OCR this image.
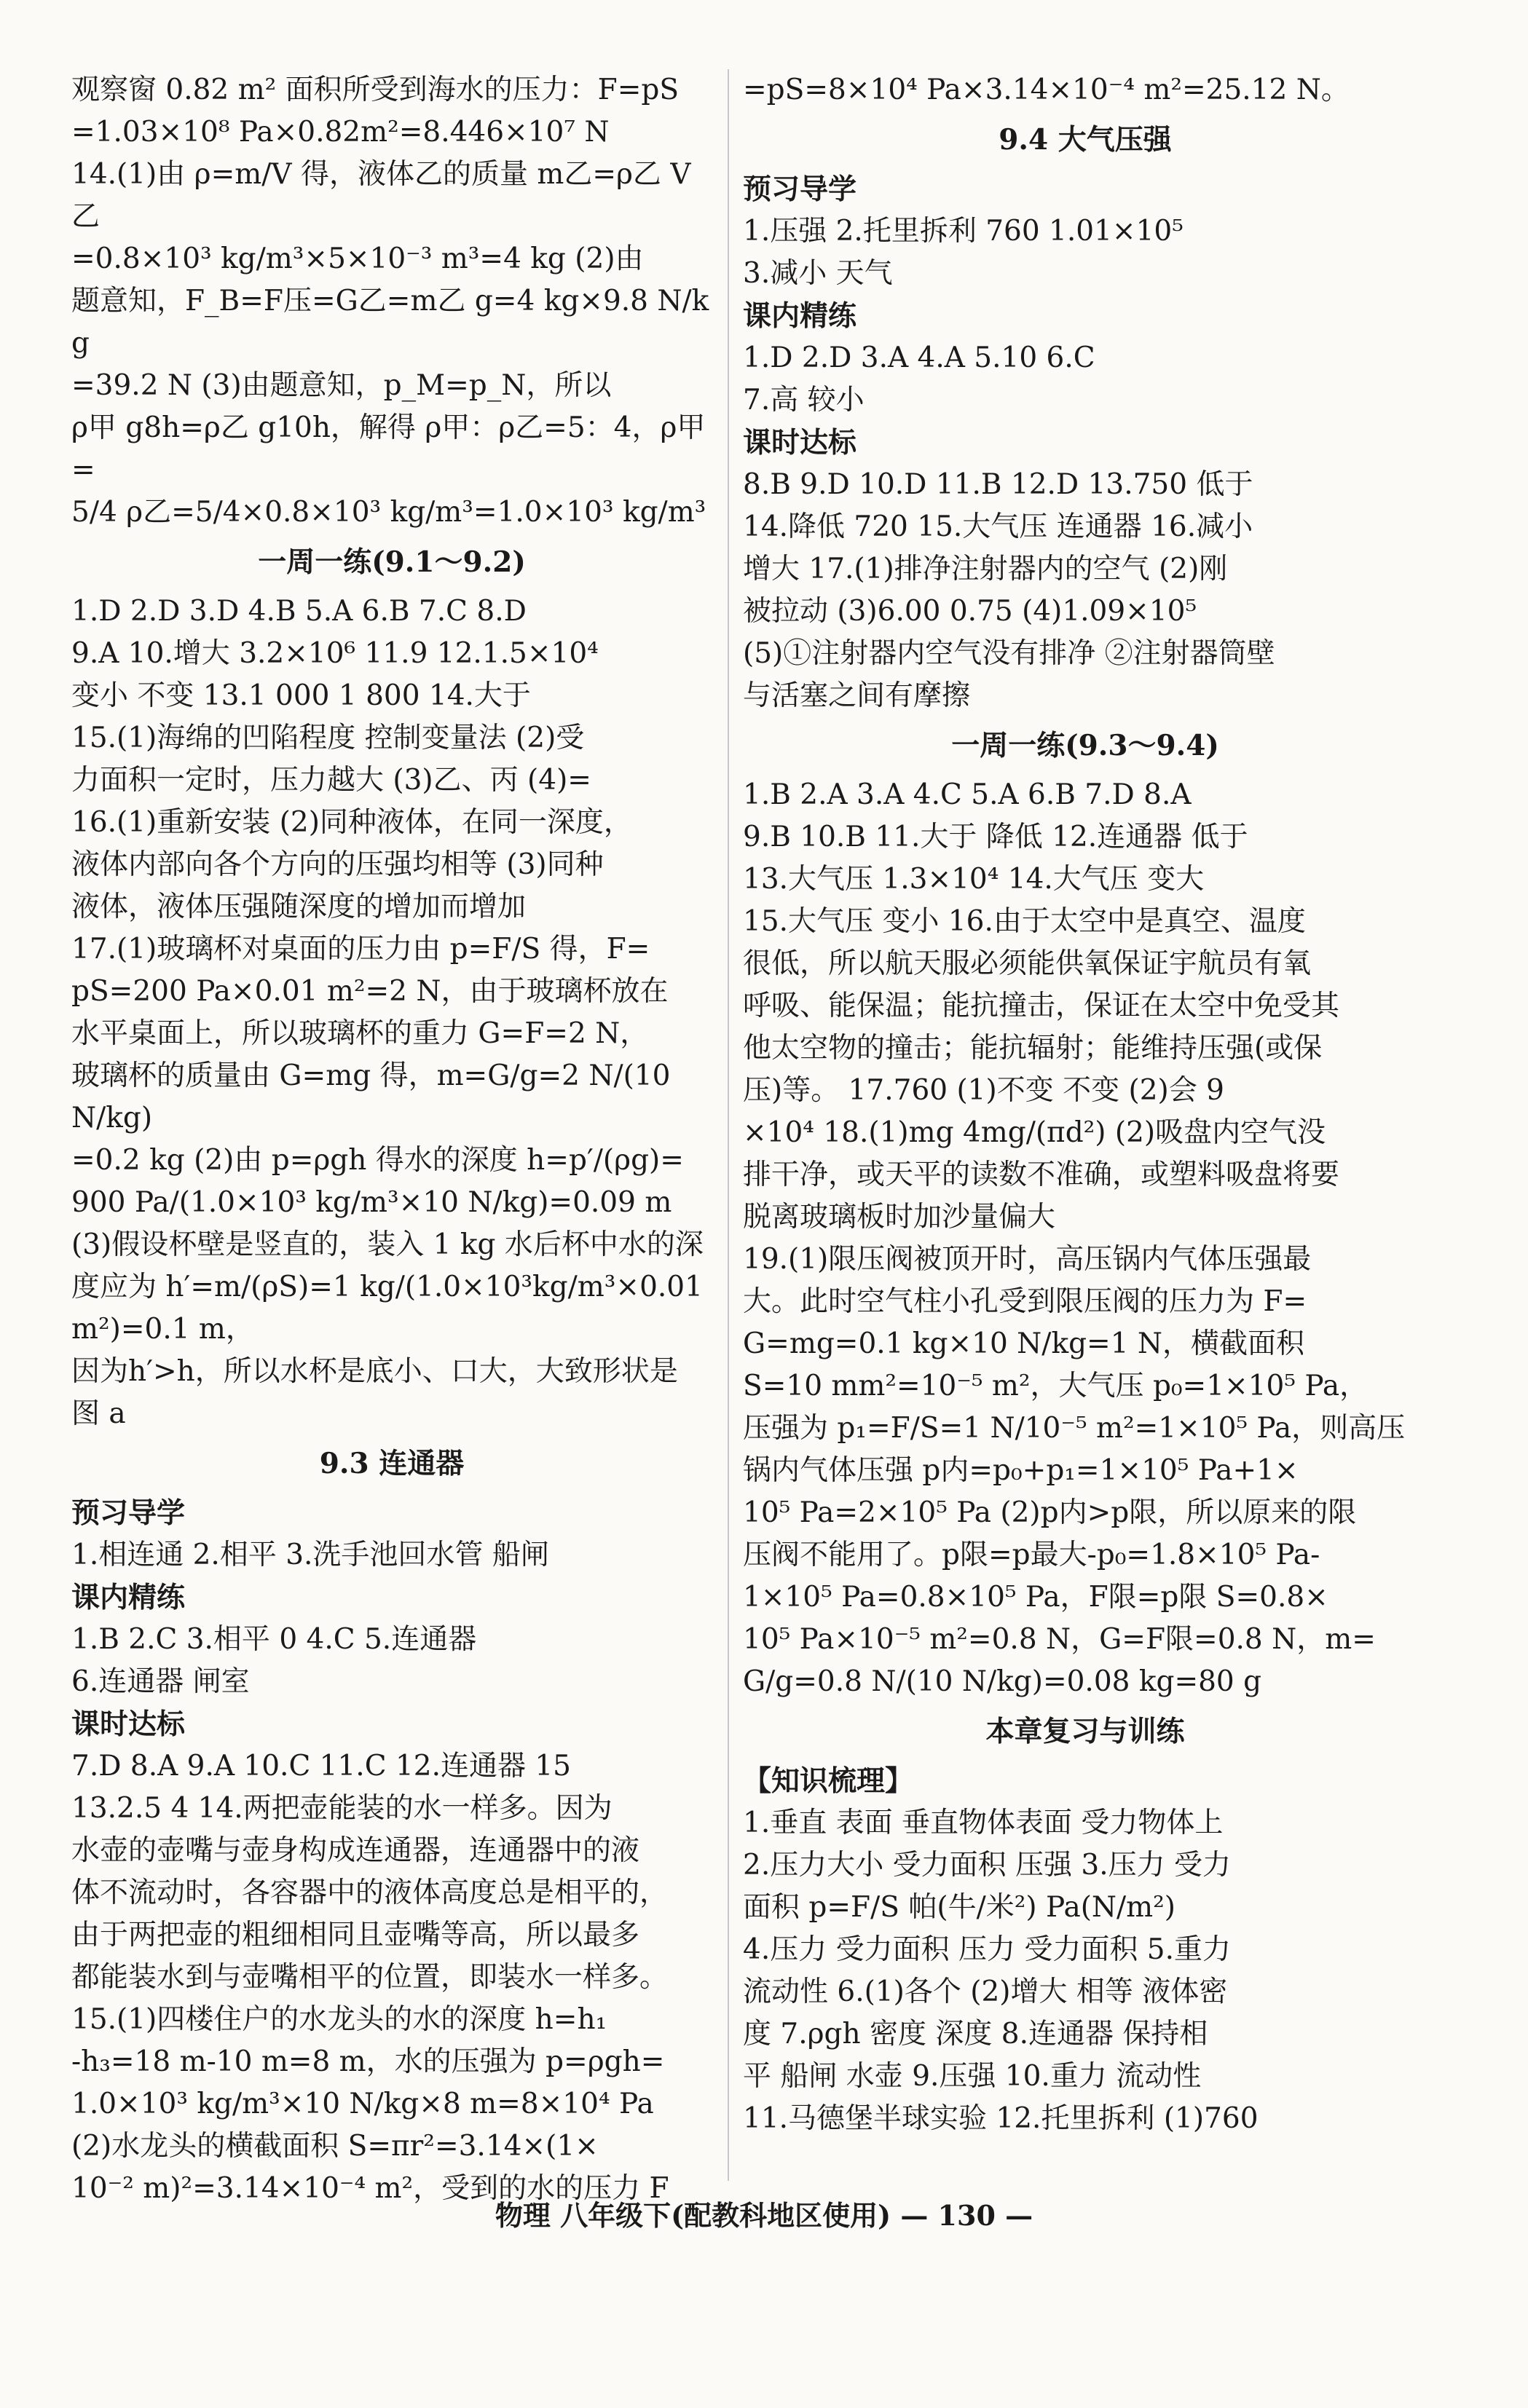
观察窗 0.82 m² 面积所受到海水的压力：F=pS
=1.03×10⁸ Pa×0.82m²=8.446×10⁷ N
14.(1)由 ρ=m/V 得，液体乙的质量 m乙=ρ乙 V乙
=0.8×10³ kg/m³×5×10⁻³ m³=4 kg (2)由
题意知，F_B=F压=G乙=m乙 g=4 kg×9.8 N/kg
=39.2 N (3)由题意知，p_M=p_N，所以
ρ甲 g8h=ρ乙 g10h，解得 ρ甲：ρ乙=5：4，ρ甲=
5/4 ρ乙=5/4×0.8×10³ kg/m³=1.0×10³ kg/m³
一周一练(9.1～9.2)
1.D 2.D 3.D 4.B 5.A 6.B 7.C 8.D
9.A 10.增大 3.2×10⁶ 11.9 12.1.5×10⁴
变小 不变 13.1 000 1 800 14.大于
15.(1)海绵的凹陷程度 控制变量法 (2)受
力面积一定时，压力越大 (3)乙、丙 (4)=
16.(1)重新安装 (2)同种液体，在同一深度，
液体内部向各个方向的压强均相等 (3)同种
液体，液体压强随深度的增加而增加
17.(1)玻璃杯对桌面的压力由 p=F/S 得，F=
pS=200 Pa×0.01 m²=2 N，由于玻璃杯放在
水平桌面上，所以玻璃杯的重力 G=F=2 N，
玻璃杯的质量由 G=mg 得，m=G/g=2 N/(10 N/kg)
=0.2 kg (2)由 p=ρgh 得水的深度 h=p′/(ρg)=
900 Pa/(1.0×10³ kg/m³×10 N/kg)=0.09 m
(3)假设杯壁是竖直的，装入 1 kg 水后杯中水的深
度应为 h′=m/(ρS)=1 kg/(1.0×10³kg/m³×0.01m²)=0.1 m，
因为h′>h，所以水杯是底小、口大，大致形状是
图 a
9.3 连通器
预习导学
1.相连通 2.相平 3.洗手池回水管 船闸
课内精练
1.B 2.C 3.相平 0 4.C 5.连通器
6.连通器 闸室
课时达标
7.D 8.A 9.A 10.C 11.C 12.连通器 15
13.2.5 4 14.两把壶能装的水一样多。因为
水壶的壶嘴与壶身构成连通器，连通器中的液
体不流动时，各容器中的液体高度总是相平的，
由于两把壶的粗细相同且壶嘴等高，所以最多
都能装水到与壶嘴相平的位置，即装水一样多。
15.(1)四楼住户的水龙头的水的深度 h=h₁
-h₃=18 m-10 m=8 m，水的压强为 p=ρgh=
1.0×10³ kg/m³×10 N/kg×8 m=8×10⁴ Pa
(2)水龙头的横截面积 S=πr²=3.14×(1×
10⁻² m)²=3.14×10⁻⁴ m²，受到的水的压力 F
=pS=8×10⁴ Pa×3.14×10⁻⁴ m²=25.12 N。
9.4 大气压强
预习导学
1.压强 2.托里拆利 760 1.01×10⁵
3.减小 天气
课内精练
1.D 2.D 3.A 4.A 5.10 6.C
7.高 较小
课时达标
8.B 9.D 10.D 11.B 12.D 13.750 低于
14.降低 720 15.大气压 连通器 16.减小
增大 17.(1)排净注射器内的空气 (2)刚
被拉动 (3)6.00 0.75 (4)1.09×10⁵
(5)①注射器内空气没有排净 ②注射器筒壁
与活塞之间有摩擦
一周一练(9.3～9.4)
1.B 2.A 3.A 4.C 5.A 6.B 7.D 8.A
9.B 10.B 11.大于 降低 12.连通器 低于
13.大气压 1.3×10⁴ 14.大气压 变大
15.大气压 变小 16.由于太空中是真空、温度
很低，所以航天服必须能供氧保证宇航员有氧
呼吸、能保温；能抗撞击，保证在太空中免受其
他太空物的撞击；能抗辐射；能维持压强(或保
压)等。 17.760 (1)不变 不变 (2)会 9
×10⁴ 18.(1)mg 4mg/(πd²) (2)吸盘内空气没
排干净，或天平的读数不准确，或塑料吸盘将要
脱离玻璃板时加沙量偏大
19.(1)限压阀被顶开时，高压锅内气体压强最
大。此时空气柱小孔受到限压阀的压力为 F=
G=mg=0.1 kg×10 N/kg=1 N，横截面积
S=10 mm²=10⁻⁵ m²，大气压 p₀=1×10⁵ Pa，
压强为 p₁=F/S=1 N/10⁻⁵ m²=1×10⁵ Pa，则高压
锅内气体压强 p内=p₀+p₁=1×10⁵ Pa+1×
10⁵ Pa=2×10⁵ Pa (2)p内>p限，所以原来的限
压阀不能用了。p限=p最大-p₀=1.8×10⁵ Pa-
1×10⁵ Pa=0.8×10⁵ Pa，F限=p限 S=0.8×
10⁵ Pa×10⁻⁵ m²=0.8 N，G=F限=0.8 N，m=
G/g=0.8 N/(10 N/kg)=0.08 kg=80 g
本章复习与训练
【知识梳理】
1.垂直 表面 垂直物体表面 受力物体上
2.压力大小 受力面积 压强 3.压力 受力
面积 p=F/S 帕(牛/米²) Pa(N/m²)
4.压力 受力面积 压力 受力面积 5.重力
流动性 6.(1)各个 (2)增大 相等 液体密
度 7.ρgh 密度 深度 8.连通器 保持相
平 船闸 水壶 9.压强 10.重力 流动性
11.马德堡半球实验 12.托里拆利 (1)760
物理 八年级下(配教科地区使用) — 130 —
